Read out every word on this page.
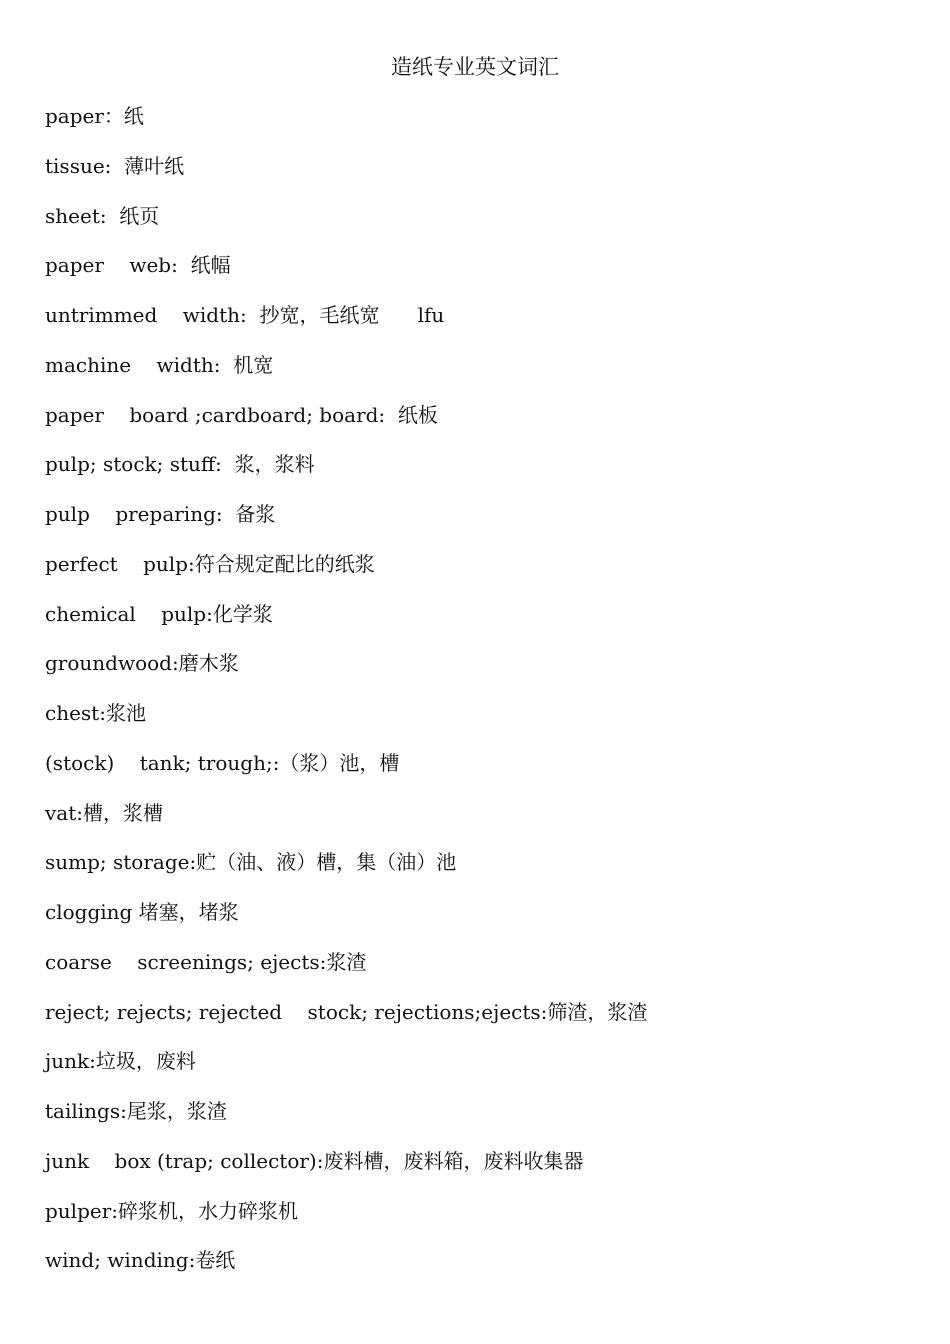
造纸专业英文词汇
paper：纸
tissue:  薄叶纸
sheet:  纸页
paper    web:  纸幅
untrimmed    width:  抄宽，毛纸宽      lfu
machine    width:  机宽
paper    board ;cardboard; board:  纸板
pulp; stock; stuff:  浆，浆料
pulp    preparing:  备浆
perfect    pulp:符合规定配比的纸浆
chemical    pulp:化学浆
groundwood:磨木浆
chest:浆池
(stock)    tank; trough;:（浆）池，槽
vat:槽，浆槽
sump; storage:贮（油、液）槽，集（油）池
clogging 堵塞，堵浆
coarse    screenings; ejects:浆渣
reject; rejects; rejected    stock; rejections;ejects:筛渣，浆渣
junk:垃圾，废料
tailings:尾浆，浆渣
junk    box (trap; collector):废料槽，废料箱，废料收集器
pulper:碎浆机，水力碎浆机
wind; winding:卷纸
